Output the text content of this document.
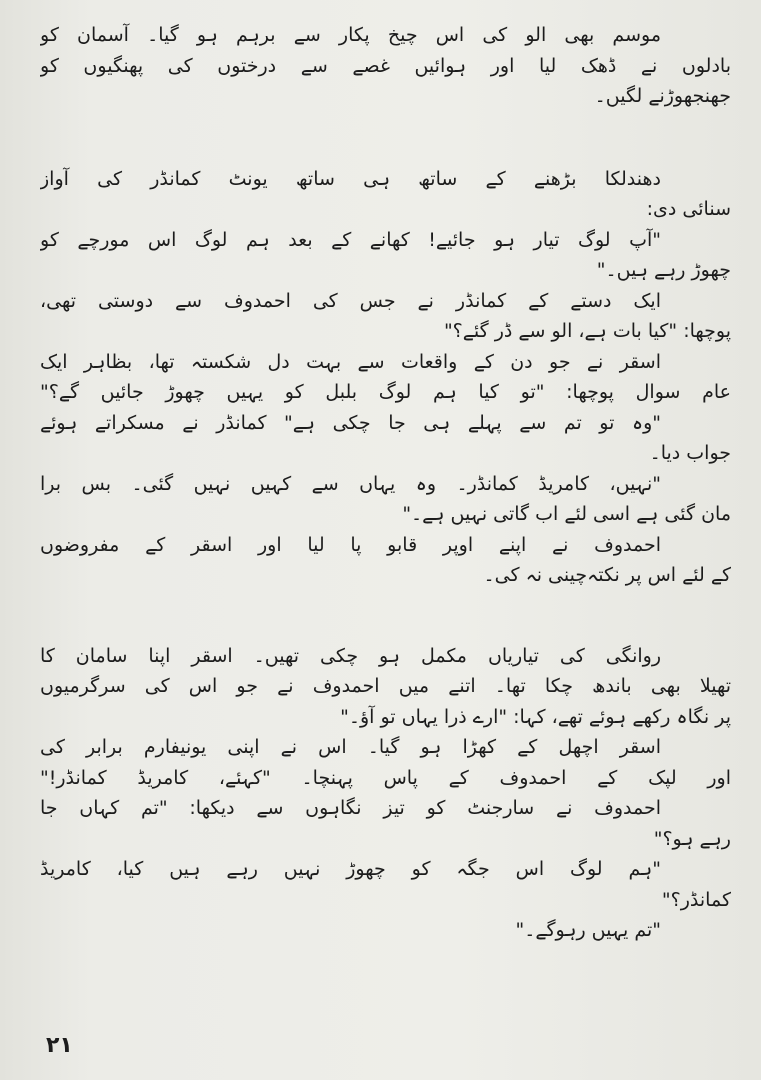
موسم بھی الو کی اس چیخ پکار سے برہم ہو گیا۔ آسمان کو
بادلوں نے ڈھک لیا اور ہوائیں غصے سے درختوں کی پھنگیوں کو
جھنجھوڑنے لگیں۔
دھندلکا بڑھنے کے ساتھ ہی ساتھ یونٹ کمانڈر کی آواز
سنائی دی:
"آپ لوگ تیار ہو جائیے! کھانے کے بعد ہم لوگ اس مورچے کو
چھوڑ رہے ہیں۔"
ایک دستے کے کمانڈر نے جس کی احمدوف سے دوستی تھی،
پوچھا: "کیا بات ہے، الو سے ڈر گئے؟"
اسقر نے جو دن کے واقعات سے بہت دل شکستہ تھا، بظاہر ایک
عام سوال پوچھا: "تو کیا ہم لوگ بلبل کو یہیں چھوڑ جائیں گے؟"
"وہ تو تم سے پہلے ہی جا چکی ہے" کمانڈر نے مسکراتے ہوئے
جواب دیا۔
"نہیں، کامریڈ کمانڈر۔ وہ یہاں سے کہیں نہیں گئی۔ بس برا
مان گئی ہے اسی لئے اب گاتی نہیں ہے۔"
احمدوف نے اپنے اوپر قابو پا لیا اور اسقر کے مفروضوں
کے لئے اس پر نکتہ‌چینی نہ کی۔
روانگی کی تیاریاں مکمل ہو چکی تھیں۔ اسقر اپنا سامان کا
تھیلا بھی باندھ چکا تھا۔ اتنے میں احمدوف نے جو اس کی سرگرمیوں
پر نگاہ رکھے ہوئے تھے، کہا: "ارے ذرا یہاں تو آؤ۔"
اسقر اچھل کے کھڑا ہو گیا۔ اس نے اپنی یونیفارم برابر کی
اور لپک کے احمدوف کے پاس پہنچا۔ "کہئے، کامریڈ کمانڈر!"
احمدوف نے سارجنٹ کو تیز نگاہوں سے دیکھا: "تم کہاں جا
رہے ہو؟"
"ہم لوگ اس جگہ کو چھوڑ نہیں رہے ہیں کیا، کامریڈ
کمانڈر؟"
"تم یہیں رہوگے۔"
۲۱
